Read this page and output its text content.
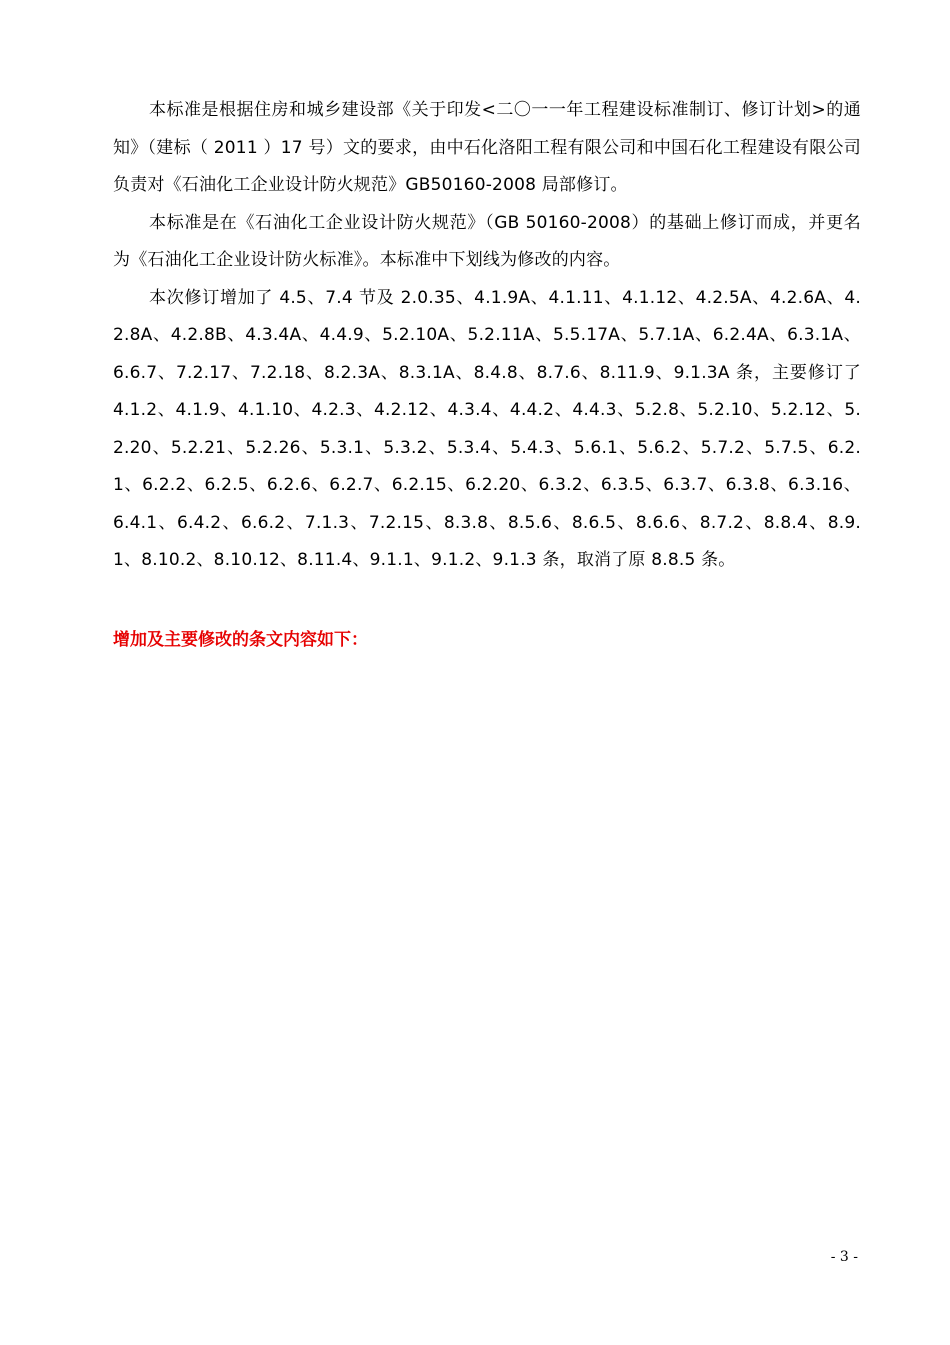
本标准是根据住房和城乡建设部《关于印发<二〇一一年工程建设标准制订、修订计划>的通知》（建标（ 2011 ）17 号）文的要求，由中石化洛阳工程有限公司和中国石化工程建设有限公司负责对《石油化工企业设计防火规范》GB50160-2008 局部修订。

本标准是在《石油化工企业设计防火规范》（GB 50160-2008）的基础上修订而成，并更名为《石油化工企业设计防火标准》。本标准中下划线为修改的内容。

本次修订增加了 4.5、7.4 节及 2.0.35、4.1.9A、4.1.11、4.1.12、4.2.5A、4.2.6A、4.2.8A、4.2.8B、4.3.4A、4.4.9、5.2.10A、5.2.11A、5.5.17A、5.7.1A、6.2.4A、6.3.1A、6.6.7、7.2.17、7.2.18、8.2.3A、8.3.1A、8.4.8、8.7.6、8.11.9、9.1.3A 条，主要修订了 4.1.2、4.1.9、4.1.10、4.2.3、4.2.12、4.3.4、4.4.2、4.4.3、5.2.8、5.2.10、5.2.12、5.2.20、5.2.21、5.2.26、5.3.1、5.3.2、5.3.4、5.4.3、5.6.1、5.6.2、5.7.2、5.7.5、6.2.1、6.2.2、6.2.5、6.2.6、6.2.7、6.2.15、6.2.20、6.3.2、6.3.5、6.3.7、6.3.8、6.3.16、6.4.1、6.4.2、6.6.2、7.1.3、7.2.15、8.3.8、8.5.6、8.6.5、8.6.6、8.7.2、8.8.4、8.9.1、8.10.2、8.10.12、8.11.4、9.1.1、9.1.2、9.1.3 条，取消了原 8.8.5 条。

增加及主要修改的条文内容如下：

- 3 -
